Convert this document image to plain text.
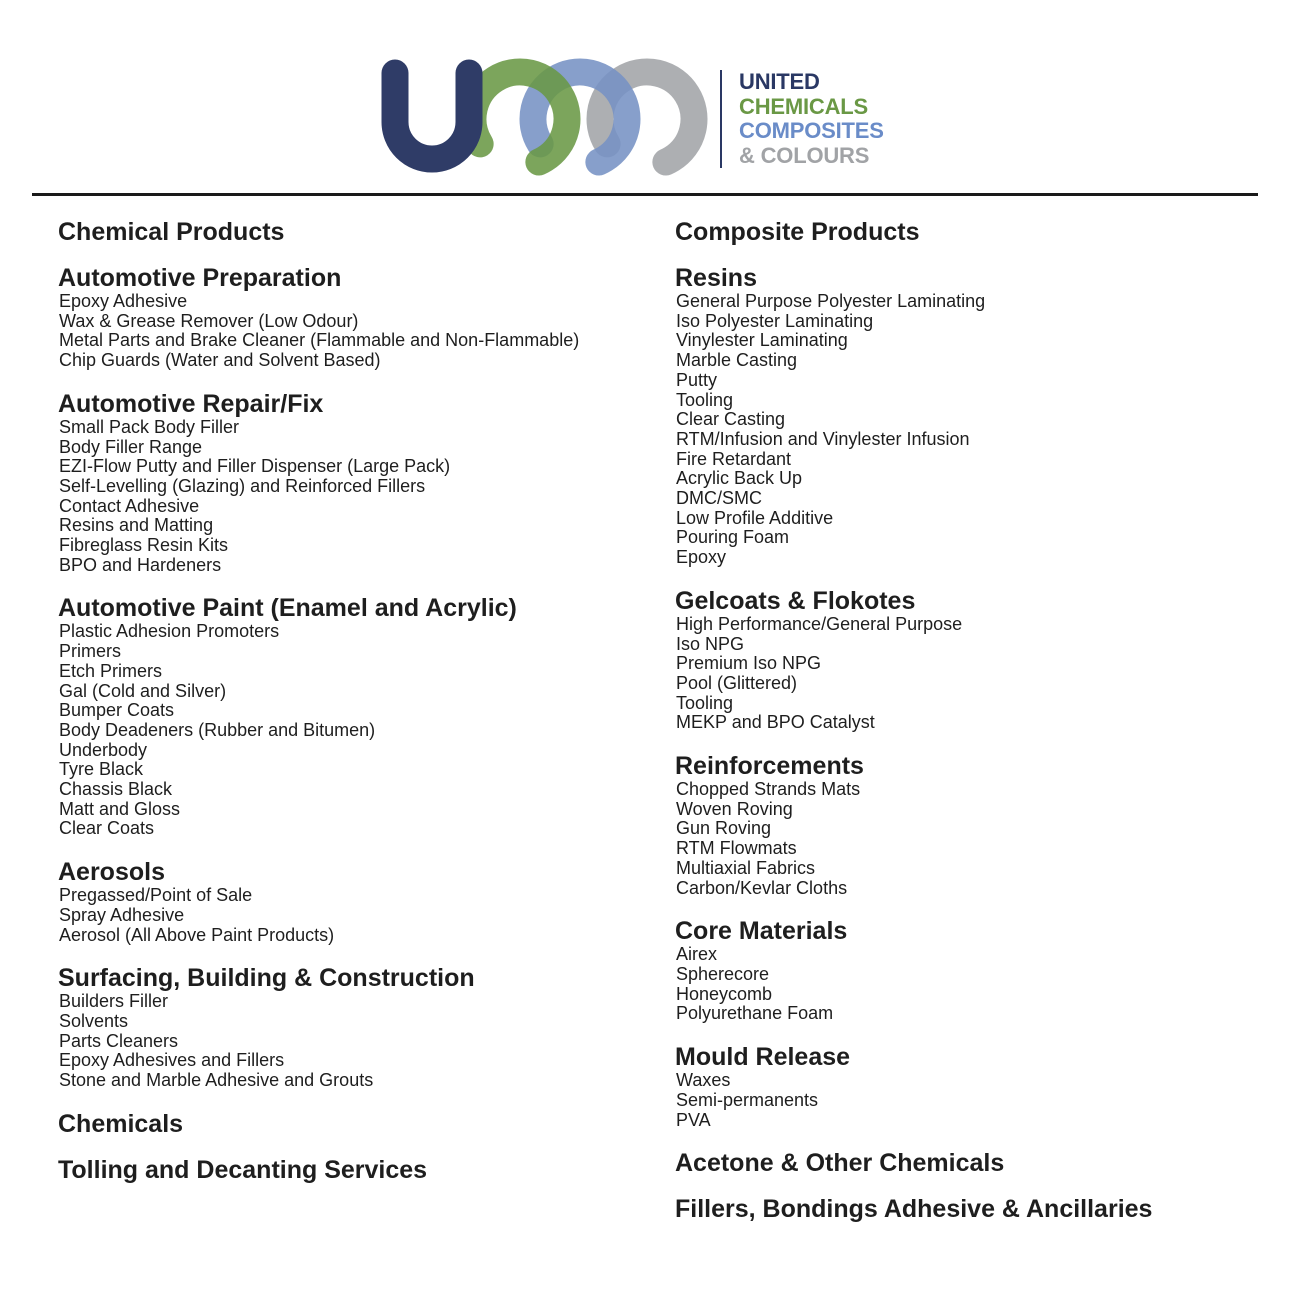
UNITED
CHEMICALS
COMPOSITES
& COLOURS
Chemical Products
Automotive Preparation
Epoxy Adhesive
Wax & Grease Remover (Low Odour)
Metal Parts and Brake Cleaner (Flammable and Non-Flammable)
Chip Guards (Water and Solvent Based)
Automotive Repair/Fix
Small Pack Body Filler
Body Filler Range
EZI-Flow Putty and Filler Dispenser (Large Pack)
Self-Levelling (Glazing) and Reinforced Fillers
Contact Adhesive
Resins and Matting
Fibreglass Resin Kits
BPO and Hardeners
Automotive Paint (Enamel and Acrylic)
Plastic Adhesion Promoters
Primers
Etch Primers
Gal (Cold and Silver)
Bumper Coats
Body Deadeners (Rubber and Bitumen)
Underbody
Tyre Black
Chassis Black
Matt and Gloss
Clear Coats
Aerosols
Pregassed/Point of Sale
Spray Adhesive
Aerosol (All Above Paint Products)
Surfacing, Building & Construction
Builders Filler
Solvents
Parts Cleaners
Epoxy Adhesives and Fillers
Stone and Marble Adhesive and Grouts
Chemicals
Tolling and Decanting Services
Composite Products
Resins
General Purpose Polyester Laminating
Iso Polyester Laminating
Vinylester Laminating
Marble Casting
Putty
Tooling
Clear Casting
RTM/Infusion and Vinylester Infusion
Fire Retardant
Acrylic Back Up
DMC/SMC
Low Profile Additive
Pouring Foam
Epoxy
Gelcoats & Flokotes
High Performance/General Purpose
Iso NPG
Premium Iso NPG
Pool (Glittered)
Tooling
MEKP and BPO Catalyst
Reinforcements
Chopped Strands Mats
Woven Roving
Gun Roving
RTM Flowmats
Multiaxial Fabrics
Carbon/Kevlar Cloths
Core Materials
Airex
Spherecore
Honeycomb
Polyurethane Foam
Mould Release
Waxes
Semi-permanents
PVA
Acetone & Other Chemicals
Fillers, Bondings Adhesive & Ancillaries
